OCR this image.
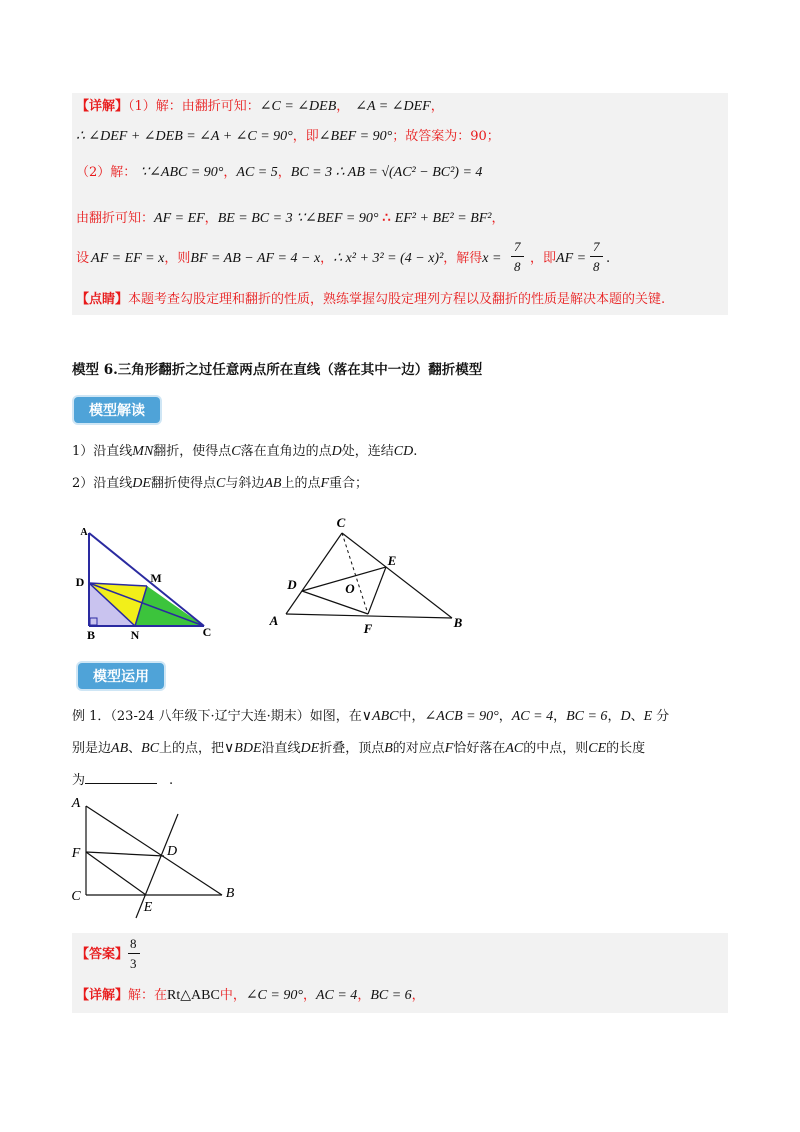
【详解】（1）解：由翻折可知：∠C = ∠DEB， ∠A = ∠DEF，
∴ ∠DEF + ∠DEB = ∠A + ∠C = 90°，即∠BEF = 90°；故答案为：90；
（2）解： ∵∠ABC = 90°，AC = 5，BC = 3 ∴ AB = √(AC² − BC²) = 4
由翻折可知：AF = EF，BE = BC = 3 ∵∠BEF = 90° ∴ EF² + BE² = BF²，
设 AF = EF = x，则BF = AB − AF = 4 − x，∴ x² + 3² = (4 − x)²，解得x =
7
8
，即AF =
7
8
.
【点睛】本题考查勾股定理和翻折的性质，熟练掌握勾股定理列方程以及翻折的性质是解决本题的关键.
模型 6.三角形翻折之过任意两点所在直线（落在其中一边）翻折模型
模型解读
1）沿直线MN翻折，使得点C落在直角边的点D处，连结CD.
2）沿直线DE翻折使得点C与斜边AB上的点F重合；
A
D	M
B	N	C
C
E
D	O
A
F	B
模型运用
例 1．（23-24 八年级下·辽宁大连·期末）如图，在∨ABC中，∠ACB = 90°，AC = 4，BC = 6，D、E 分
别是边AB、BC上的点，把∨BDE沿直线DE折叠，顶点B的对应点F恰好落在AC的中点，则CE的长度
为	.
A
F	D
C
E
B
【答案】
8
3
【详解】解：在Rt△ABC中，∠C = 90°，AC = 4，BC = 6，
